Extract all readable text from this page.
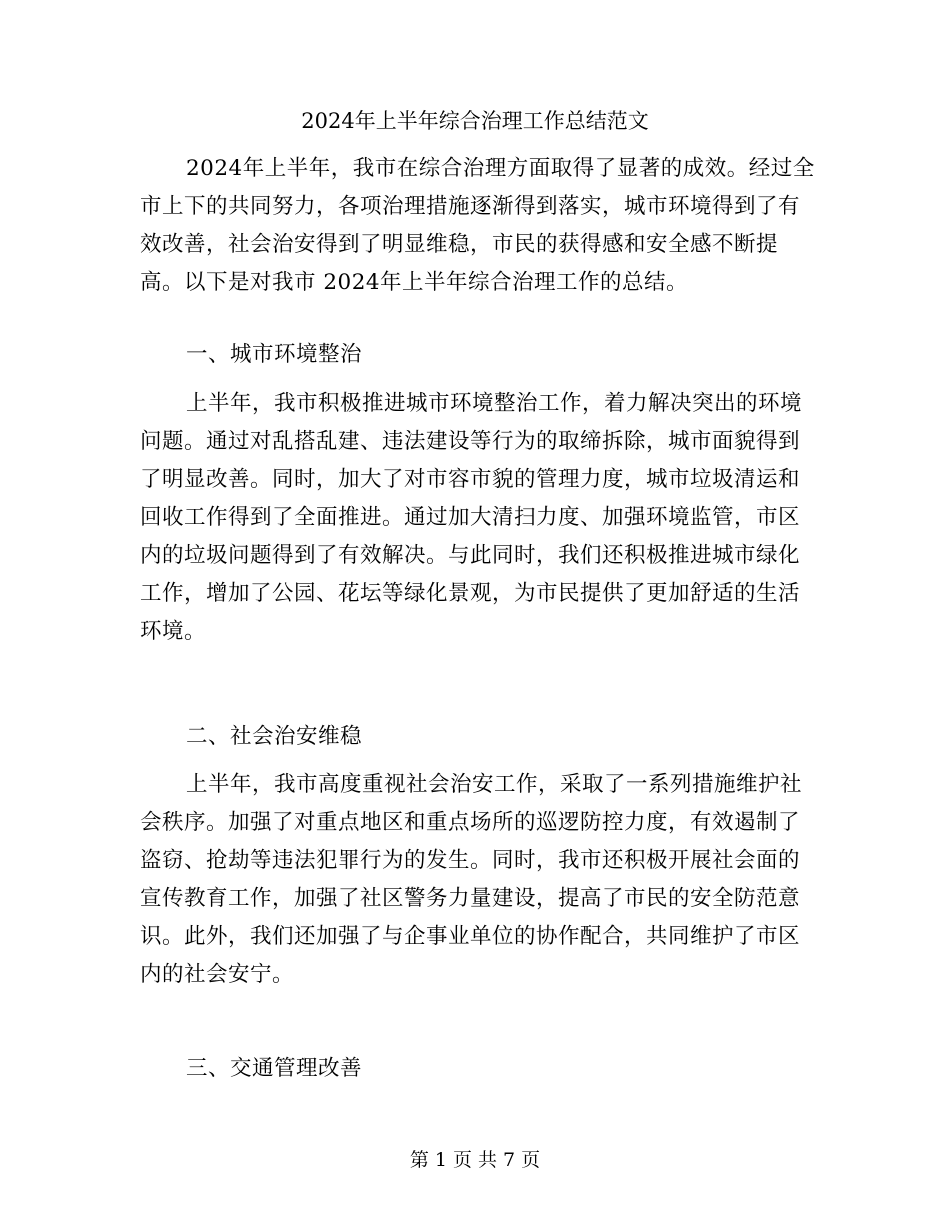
2024年上半年综合治理工作总结范文
2024年上半年，我市在综合治理方面取得了显著的成效。经过全
市上下的共同努力，各项治理措施逐渐得到落实，城市环境得到了有
效改善，社会治安得到了明显维稳，市民的获得感和安全感不断提
高。以下是对我市 2024年上半年综合治理工作的总结。
一、城市环境整治
上半年，我市积极推进城市环境整治工作，着力解决突出的环境
问题。通过对乱搭乱建、违法建设等行为的取缔拆除，城市面貌得到
了明显改善。同时，加大了对市容市貌的管理力度，城市垃圾清运和
回收工作得到了全面推进。通过加大清扫力度、加强环境监管，市区
内的垃圾问题得到了有效解决。与此同时，我们还积极推进城市绿化
工作，增加了公园、花坛等绿化景观，为市民提供了更加舒适的生活
环境。
二、社会治安维稳
上半年，我市高度重视社会治安工作，采取了一系列措施维护社
会秩序。加强了对重点地区和重点场所的巡逻防控力度，有效遏制了
盗窃、抢劫等违法犯罪行为的发生。同时，我市还积极开展社会面的
宣传教育工作，加强了社区警务力量建设，提高了市民的安全防范意
识。此外，我们还加强了与企事业单位的协作配合，共同维护了市区
内的社会安宁。
三、交通管理改善
第 1 页 共 7 页
